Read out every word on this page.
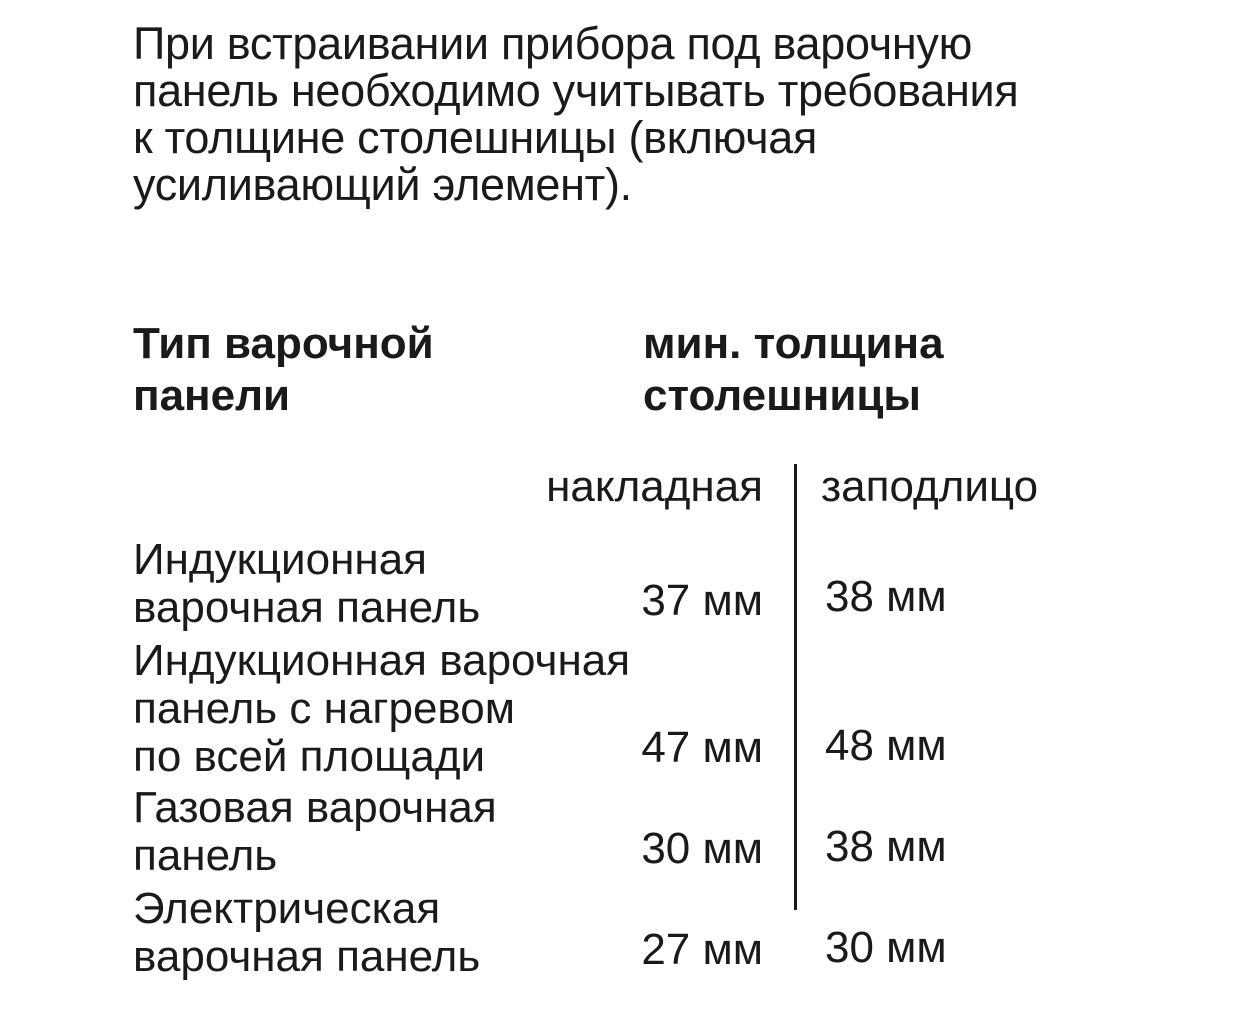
При встраивании прибора под варочную
панель необходимо учитывать требования
к толщине столешницы (включая
усиливающий элемент).
Тип варочной
панели
мин. толщина
столешницы
накладная заподлицо
Индукционная
варочная панель	37 мм 38 мм
Индукционная варочная
панель с нагревом
по всей площади	47 мм 48 мм
Газовая варочная
панель	30 мм 38 мм
Электрическая
варочная панель	27 мм 30 мм
